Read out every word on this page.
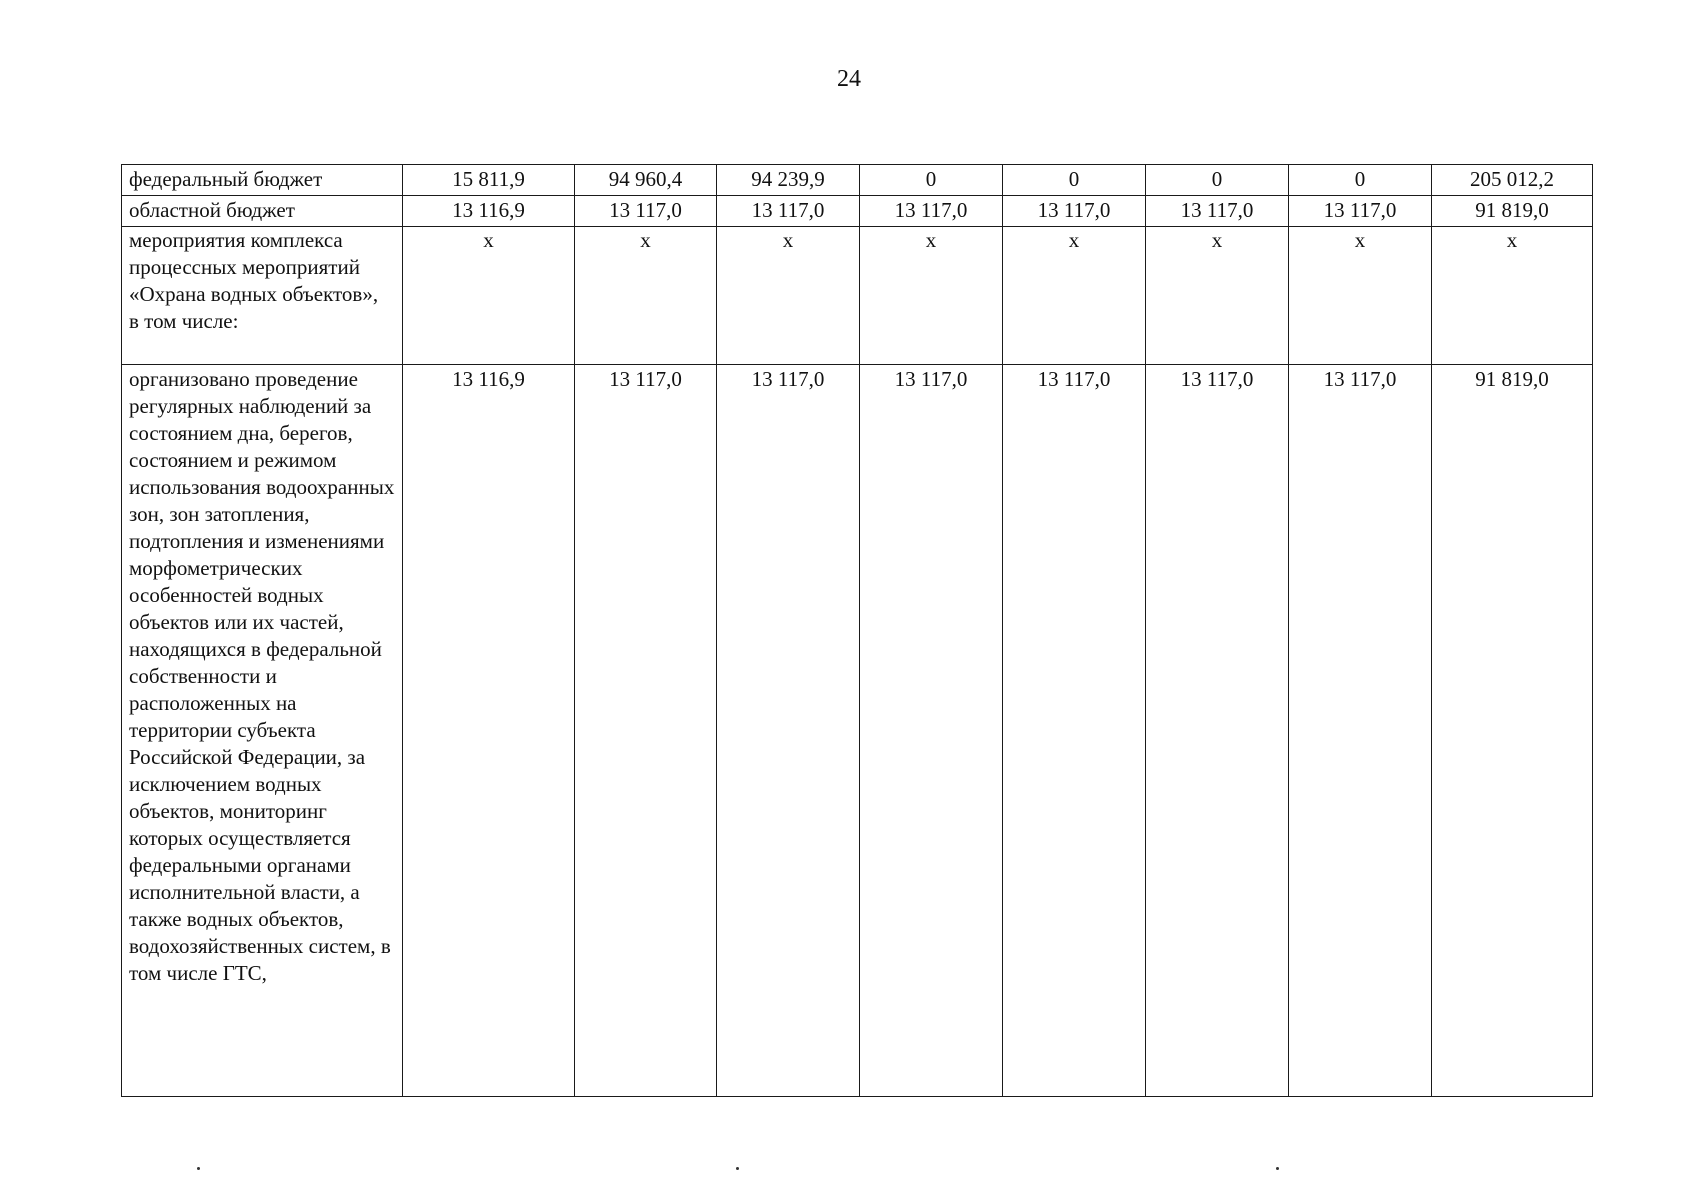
24
федеральный бюджет	15 811,9	94 960,4	94 239,9	0	0	0	0	205 012,2
областной бюджет	13 116,9	13 117,0	13 117,0	13 117,0	13 117,0	13 117,0	13 117,0	91 819,0
мероприятия комплекса процессных мероприятий «Охрана водных объектов»,
в том числе:	x	x	x	x	x	x	x	x
организовано проведение регулярных наблюдений за состоянием дна, берегов, состоянием и режимом использования водоохранных зон, зон затопления, подтопления и изменениями морфометрических особенностей водных объектов или их частей, находящихся в федеральной собственности и расположенных на территории субъекта Российской Федерации, за исключением водных объектов, мониторинг которых осуществляется федеральными органами исполнительной власти, а также водных объектов, водохозяйственных систем, в том числе ГТС,	13 116,9	13 117,0	13 117,0	13 117,0	13 117,0	13 117,0	13 117,0	91 819,0
